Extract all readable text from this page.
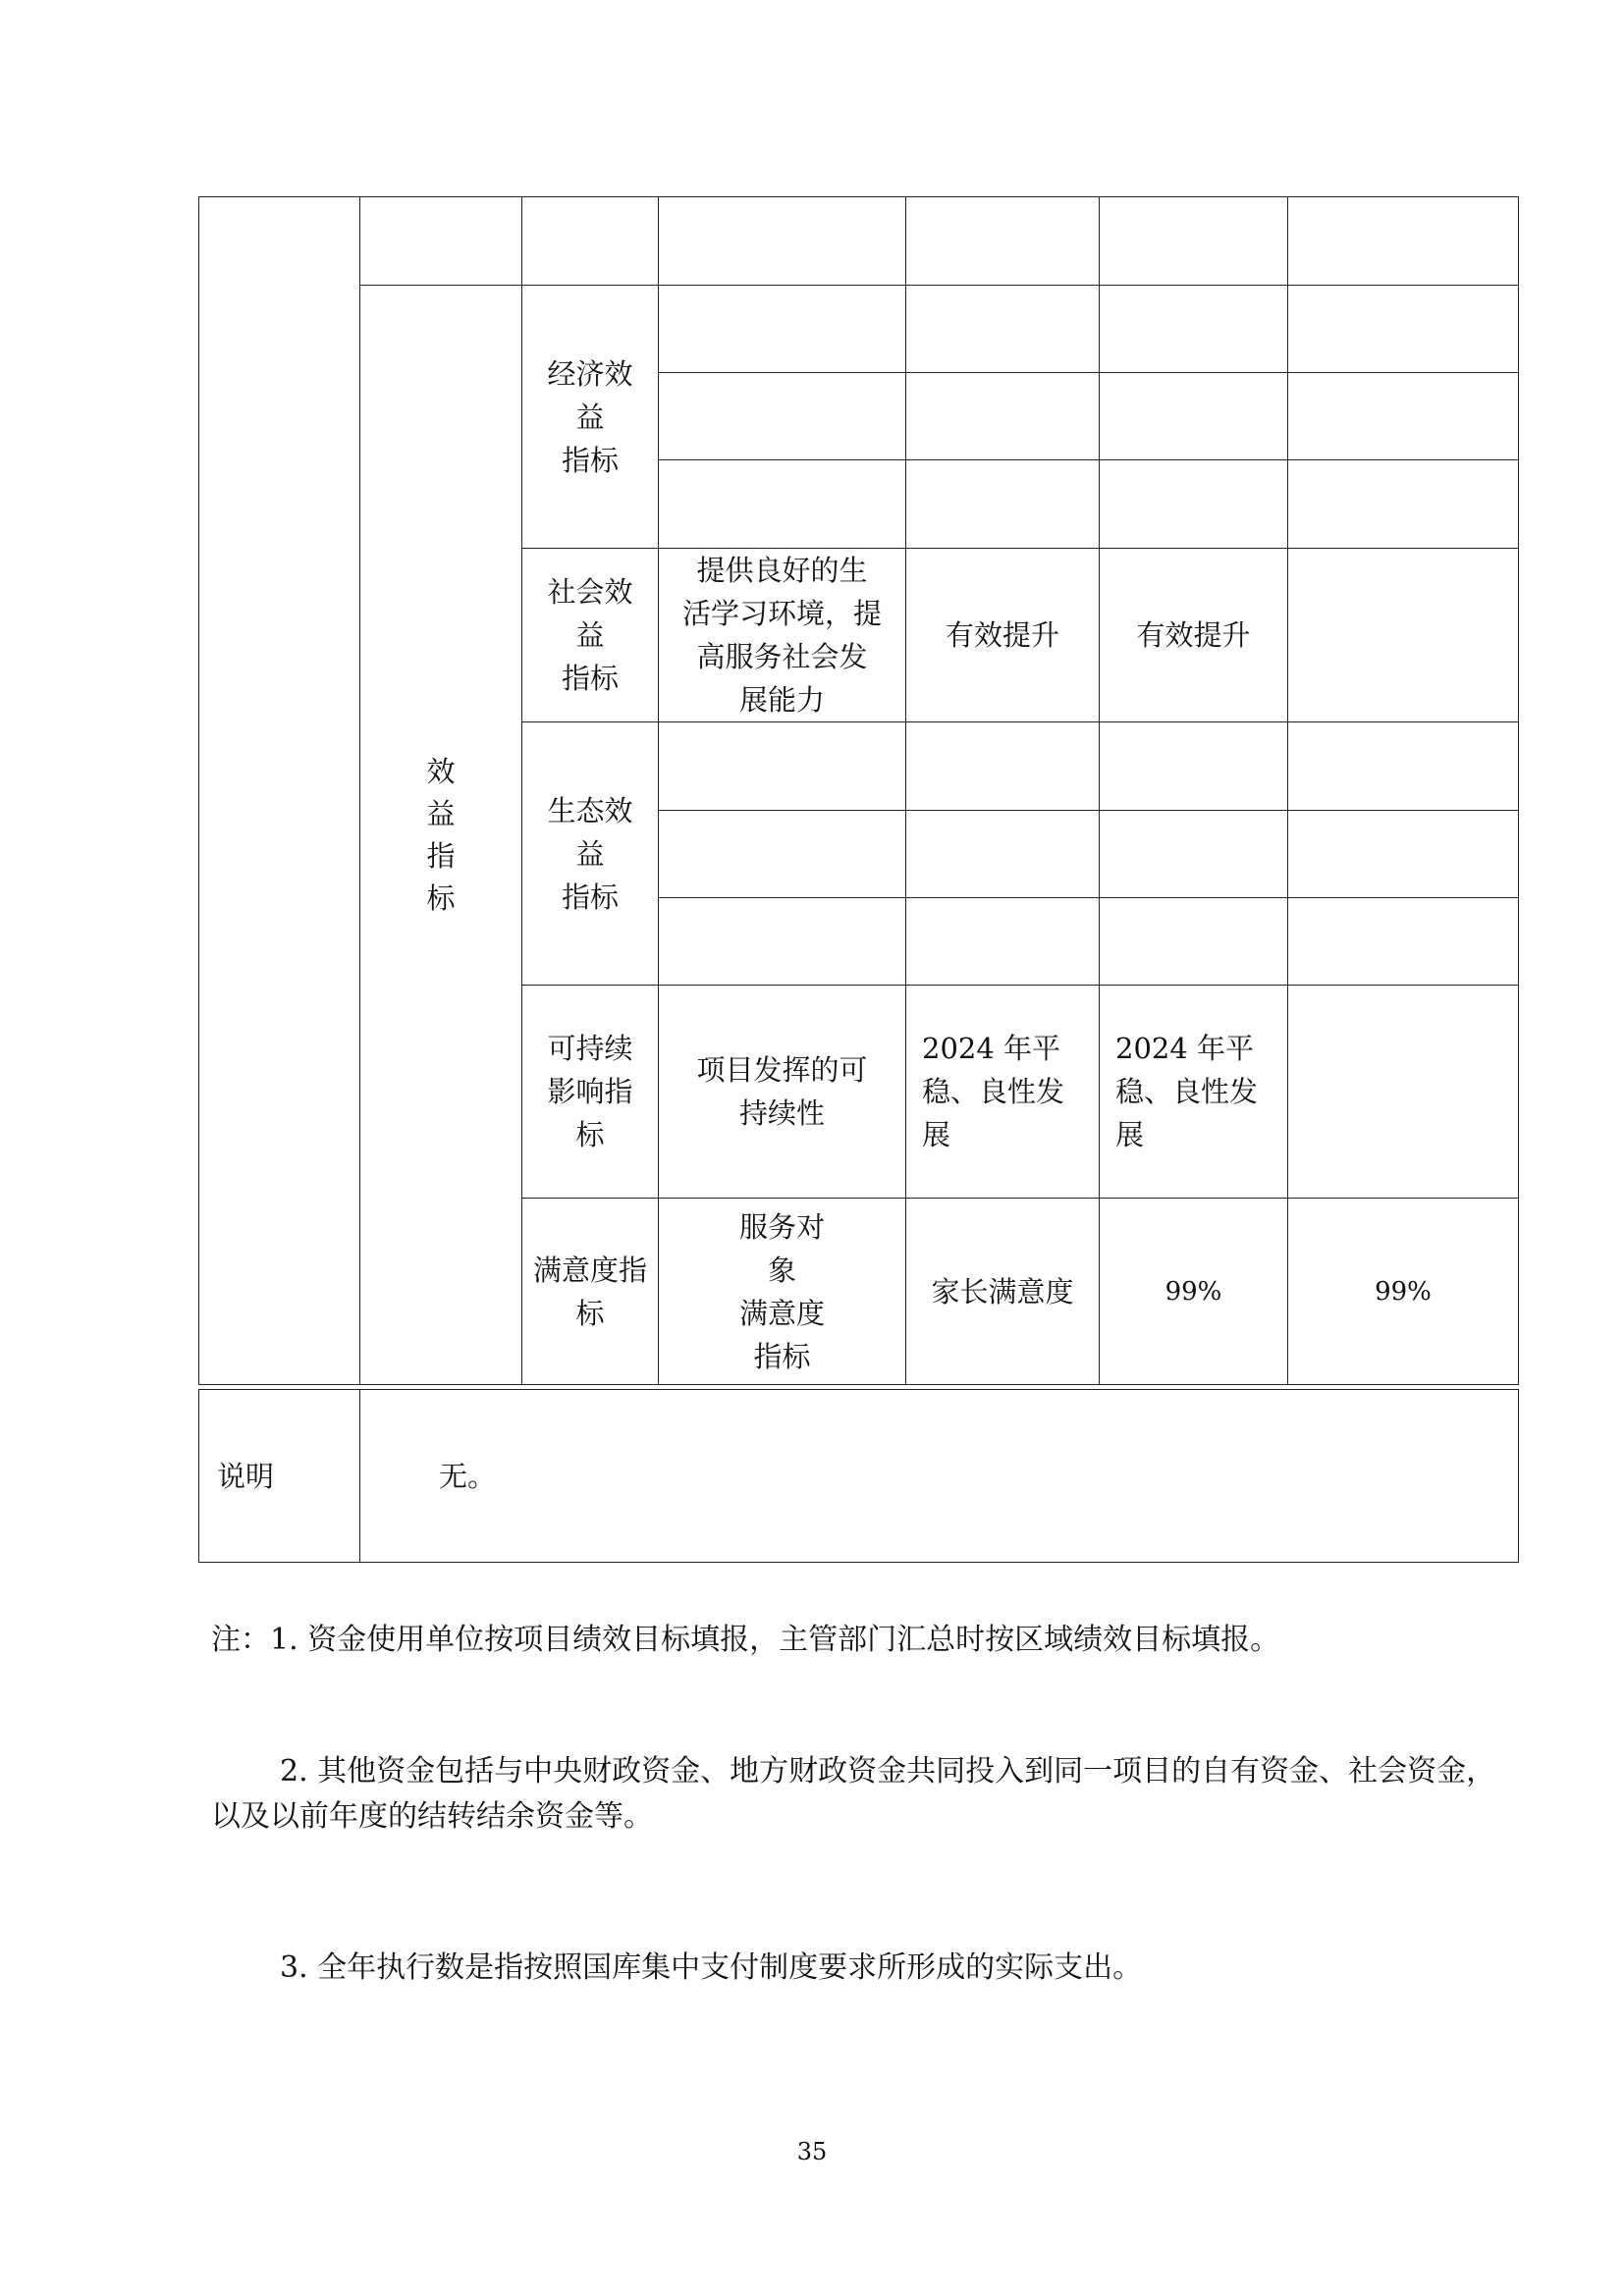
	效
益
指
标	经济效
益
指标					

		社会效
益
指标	提供良好的生
活学习环境，提
高服务社会发
展能力	有效提升	有效提升		
		生态效
益
指标					

		可持续
影响指
标	项目发挥的可
持续性	2024 年平
稳、良性发
展	2024 年平
稳、良性发
展		
		满意度指
标	服务对
象
满意度
指标	家长满意度	99%	99%	
说明	无。
注：1. 资金使用单位按项目绩效目标填报，主管部门汇总时按区域绩效目标填报。
2. 其他资金包括与中央财政资金、地方财政资金共同投入到同一项目的自有资金、社会资金，以及以前年度的结转结余资金等。
3. 全年执行数是指按照国库集中支付制度要求所形成的实际支出。
35
